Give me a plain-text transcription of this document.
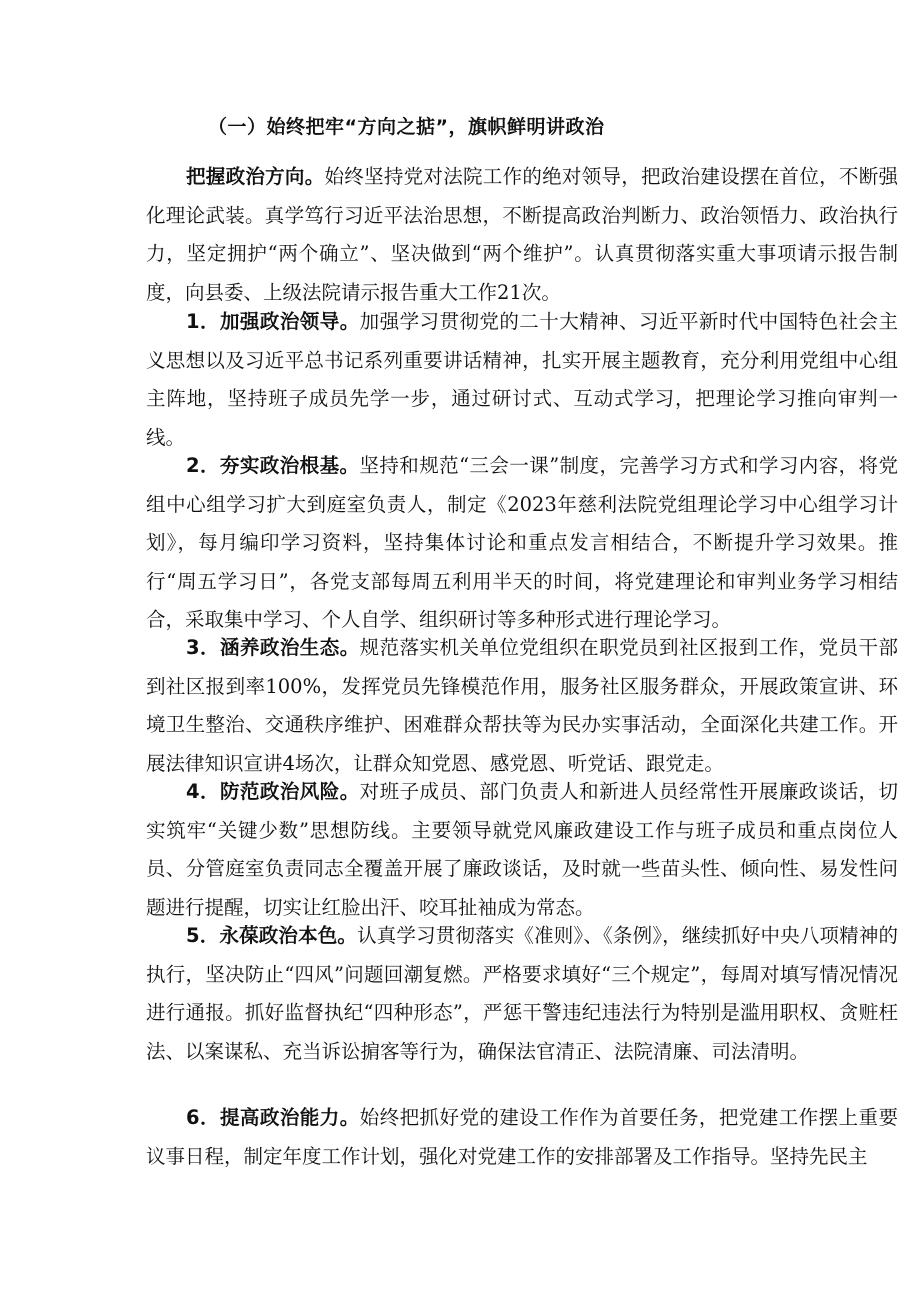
（一）始终把牢“方向之掂”，旗帜鲜明讲政治

把握政治方向。始终坚持党对法院工作的绝对领导，把政治建设摆在首位，不断强化理论武装。真学笃行习近平法治思想，不断提高政治判断力、政治领悟力、政治执行力，坚定拥护“两个确立”、坚决做到“两个维护”。认真贯彻落实重大事项请示报告制度，向县委、上级法院请示报告重大工作21次。

1．加强政治领导。加强学习贯彻党的二十大精神、习近平新时代中国特色社会主义思想以及习近平总书记系列重要讲话精神，扎实开展主题教育，充分利用党组中心组主阵地，坚持班子成员先学一步，通过研讨式、互动式学习，把理论学习推向审判一线。

2．夯实政治根基。坚持和规范“三会一课”制度，完善学习方式和学习内容，将党组中心组学习扩大到庭室负责人，制定《2023年慈利法院党组理论学习中心组学习计划》，每月编印学习资料，坚持集体讨论和重点发言相结合，不断提升学习效果。推行“周五学习日”，各党支部每周五利用半天的时间，将党建理论和审判业务学习相结合，采取集中学习、个人自学、组织研讨等多种形式进行理论学习。

3．涵养政治生态。规范落实机关单位党组织在职党员到社区报到工作，党员干部到社区报到率100%，发挥党员先锋模范作用，服务社区服务群众，开展政策宣讲、环境卫生整治、交通秩序维护、困难群众帮扶等为民办实事活动，全面深化共建工作。开展法律知识宣讲4场次，让群众知党恩、感党恩、听党话、跟党走。

4．防范政治风险。对班子成员、部门负责人和新进人员经常性开展廉政谈话，切实筑牢“关键少数”思想防线。主要领导就党风廉政建设工作与班子成员和重点岗位人员、分管庭室负责同志全覆盖开展了廉政谈话，及时就一些苗头性、倾向性、易发性问题进行提醒，切实让红脸出汗、咬耳扯袖成为常态。

5．永葆政治本色。认真学习贯彻落实《准则》、《条例》，继续抓好中央八项精神的执行，坚决防止“四风”问题回潮复燃。严格要求填好“三个规定”，每周对填写情况情况进行通报。抓好监督执纪“四种形态”，严惩干警违纪违法行为特别是滥用职权、贪赃枉法、以案谋私、充当诉讼掮客等行为，确保法官清正、法院清廉、司法清明。

6．提高政治能力。始终把抓好党的建设工作作为首要任务，把党建工作摆上重要议事日程，制定年度工作计划，强化对党建工作的安排部署及工作指导。坚持先民主
